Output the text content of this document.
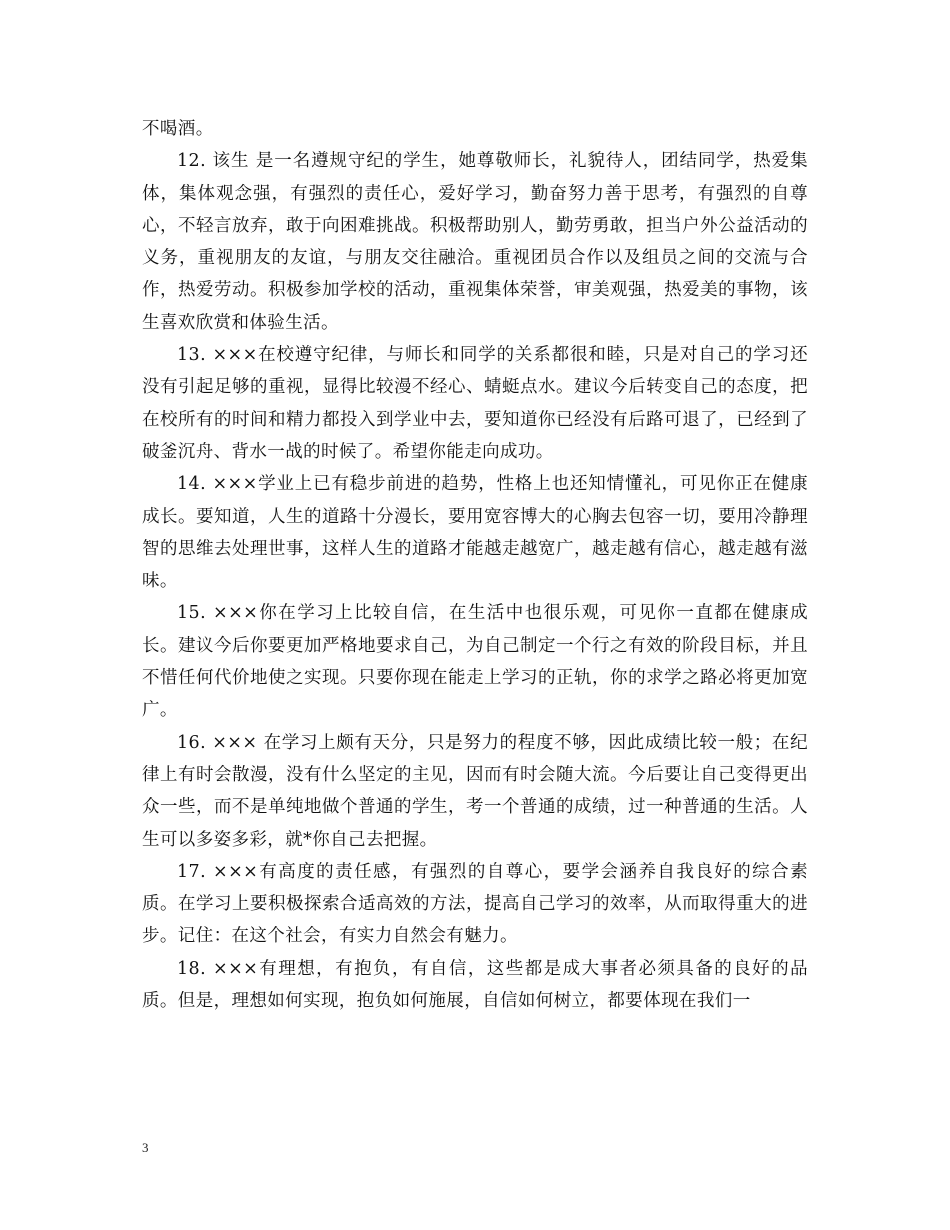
不喝酒。

12. 该生 是一名遵规守纪的学生，她尊敬师长，礼貌待人，团结同学，热爱集体，集体观念强，有强烈的责任心，爱好学习，勤奋努力善于思考，有强烈的自尊心，不轻言放弃，敢于向困难挑战。积极帮助别人，勤劳勇敢，担当户外公益活动的义务，重视朋友的友谊，与朋友交往融洽。重视团员合作以及组员之间的交流与合作，热爱劳动。积极参加学校的活动，重视集体荣誉，审美观强，热爱美的事物，该生喜欢欣赏和体验生活。

13. ×××在校遵守纪律，与师长和同学的关系都很和睦，只是对自己的学习还没有引起足够的重视，显得比较漫不经心、蜻蜓点水。建议今后转变自己的态度，把在校所有的时间和精力都投入到学业中去，要知道你已经没有后路可退了，已经到了破釜沉舟、背水一战的时候了。希望你能走向成功。

14. ×××学业上已有稳步前进的趋势，性格上也还知情懂礼，可见你正在健康成长。要知道，人生的道路十分漫长，要用宽容博大的心胸去包容一切，要用冷静理智的思维去处理世事，这样人生的道路才能越走越宽广，越走越有信心，越走越有滋味。

15. ×××你在学习上比较自信，在生活中也很乐观，可见你一直都在健康成长。建议今后你要更加严格地要求自己，为自己制定一个行之有效的阶段目标，并且不惜任何代价地使之实现。只要你现在能走上学习的正轨，你的求学之路必将更加宽广。

16. ××× 在学习上颇有天分，只是努力的程度不够，因此成绩比较一般；在纪律上有时会散漫，没有什么坚定的主见，因而有时会随大流。今后要让自己变得更出众一些，而不是单纯地做个普通的学生，考一个普通的成绩，过一种普通的生活。人生可以多姿多彩，就*你自己去把握。

17. ×××有高度的责任感，有强烈的自尊心，要学会涵养自我良好的综合素质。在学习上要积极探索合适高效的方法，提高自己学习的效率，从而取得重大的进步。记住：在这个社会，有实力自然会有魅力。

18. ×××有理想，有抱负，有自信，这些都是成大事者必须具备的良好的品质。但是，理想如何实现，抱负如何施展，自信如何树立，都要体现在我们一

3
